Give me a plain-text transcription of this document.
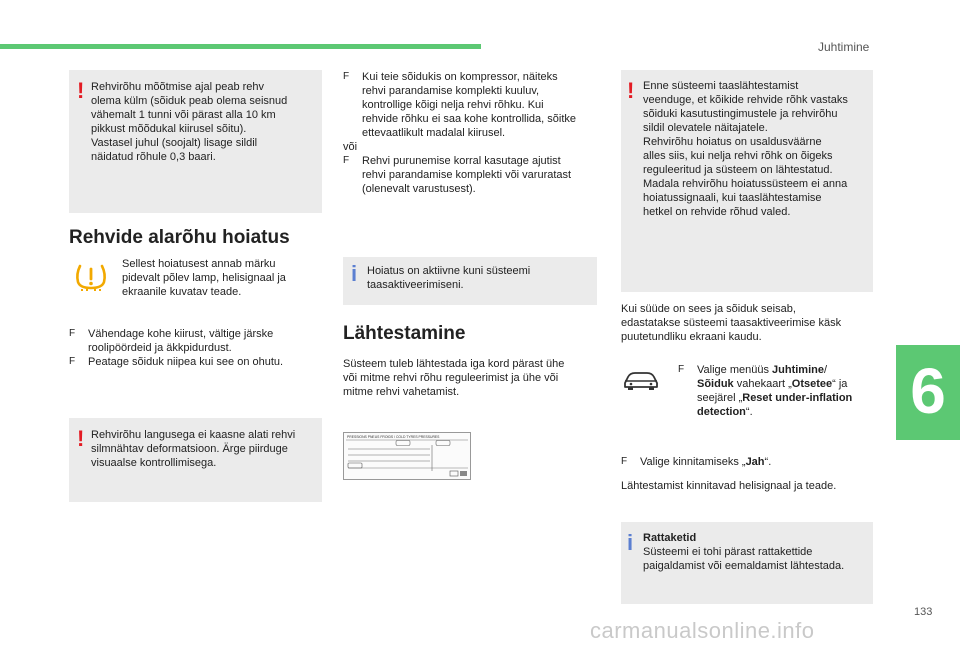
Juhtimine
6
133
! Rehvirõhu mõõtmise ajal peab rehv
olema külm (sõiduk peab olema seisnud
vähemalt 1 tunni või pärast alla 10 km
pikkust mõõdukal kiirusel sõitu).
Vastasel juhul (soojalt) lisage sildil
näidatud rõhule 0,3 baari.
Rehvide alarõhu hoiatus
Sellest hoiatusest annab märku
pidevalt põlev lamp, helisignaal ja
ekraanile kuvatav teade.
F	Vähendage kohe kiirust, vältige järske
roolipöördeid ja äkkpidurdust.
F	Peatage sõiduk niipea kui see on ohutu.
! Rehvirõhu langusega ei kaasne alati rehvi
silmnähtav deformatsioon. Ärge piirduge
visuaalse kontrollimisega.
F	Kui teie sõidukis on kompressor, näiteks
rehvi parandamise komplekti kuuluv,
kontrollige kõigi nelja rehvi rõhku. Kui
rehvide rõhku ei saa kohe kontrollida, sõitke
ettevaatlikult madalal kiirusel.
või
F	Rehvi purunemise korral kasutage ajutist
rehvi parandamise komplekti või varuratast
(olenevalt varustusest).
i Hoiatus on aktiivne kuni süsteemi
taasaktiveerimiseni.
Lähtestamine
Süsteem tuleb lähtestada iga kord pärast ühe
või mitme rehvi rõhu reguleerimist ja ühe või
mitme rehvi vahetamist.
PRESSIONS PNEUS FROIDS / COLD TYRES PRESSURES
! Enne süsteemi taaslähtestamist
veenduge, et kõikide rehvide rõhk vastaks
sõiduki kasutustingimustele ja rehvirõhu
sildil olevatele näitajatele.
Rehvirõhu hoiatus on usaldusväärne
alles siis, kui nelja rehvi rõhk on õigeks
reguleeritud ja süsteem on lähtestatud.
Madala rehvirõhu hoiatussüsteem ei anna
hoiatussignaali, kui taaslähtestamise
hetkel on rehvide rõhud valed.
Kui süüde on sees ja sõiduk seisab,
edastatakse süsteemi taasaktiveerimise käsk
puutetundliku ekraani kaudu.
F	Valige menüüs Juhtimine/
Sõiduk vahekaart „Otsetee“ ja
seejärel „Reset under-inflation
detection“.
F	Valige kinnitamiseks „Jah“.
Lähtestamist kinnitavad helisignaal ja teade.
i Rattaketid
Süsteemi ei tohi pärast rattakettide
paigaldamist või eemaldamist lähtestada.
carmanualsonline.info
